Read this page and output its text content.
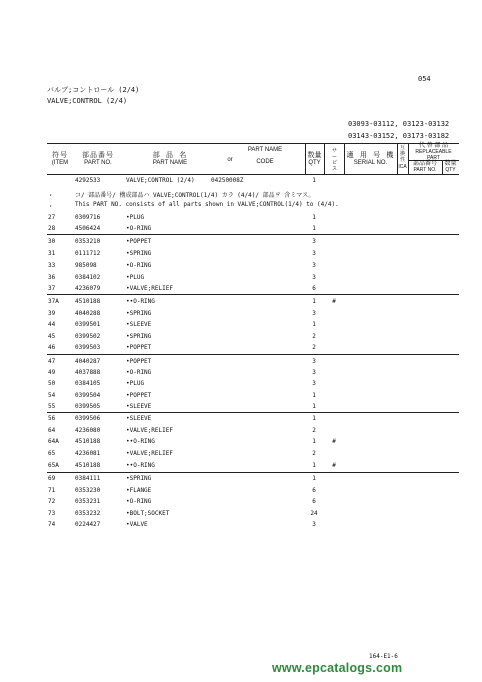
054
バルブ;コントロール (2/4)
VALVE;CONTROL (2/4)
03093-03112, 03123-03132
03143-03152, 03173-03182
符号
(ITEM
部品番号
PART NO.
部 品 名
PART NAME	or
PART NAME
CODE
数量
QTY
サービス
適 用 号 機
SERIAL NO.
互換性
ICA
代 替 部 品
REPLACEABLE
PART
部品番号
PART NO.
数量
QTY
,	コ/ 部品番号/ 構成部品ハ VALVE;CONTROL(1/4) カラ (4/4)/ 部品ヲ 含ミマス。
,	This PART NO. consists of all parts shown in VALVE;CONTROL(1/4) to (4/4).
4292533	VALVE;CONTROL (2/4)	04250008Z	1
27	0309716	•PLUG	1
28	4506424	•O-RING	1
30	0353210	•POPPET	3
31	0111712	•SPRING	3
33	985098	•O-RING	3
36	0384102	•PLUG	3
37	4236079	•VALVE;RELIEF	6
37A	4510188	••O-RING	1	#
39	4040288	•SPRING	3
44	0399501	•SLEEVE	1
45	0399502	•SPRING	2
46	0399503	•POPPET	2
47	4040287	•POPPET	3
49	4037888	•O-RING	3
50	0384105	•PLUG	3
54	0399504	•POPPET	1
55	0399505	•SLEEVE	1
56	0399506	•SLEEVE	1
64	4236080	•VALVE;RELIEF	2
64A	4510188	••O-RING	1	#
65	4236081	•VALVE;RELIEF	2
65A	4510188	••O-RING	1	#
69	0384111	•SPRING	1
71	0353230	•FLANGE	6
72	0353231	•O-RING	6
73	0353232	•BOLT;SOCKET	24
74	0224427	•VALVE	3
164-E1-6
www.epcatalogs.com
